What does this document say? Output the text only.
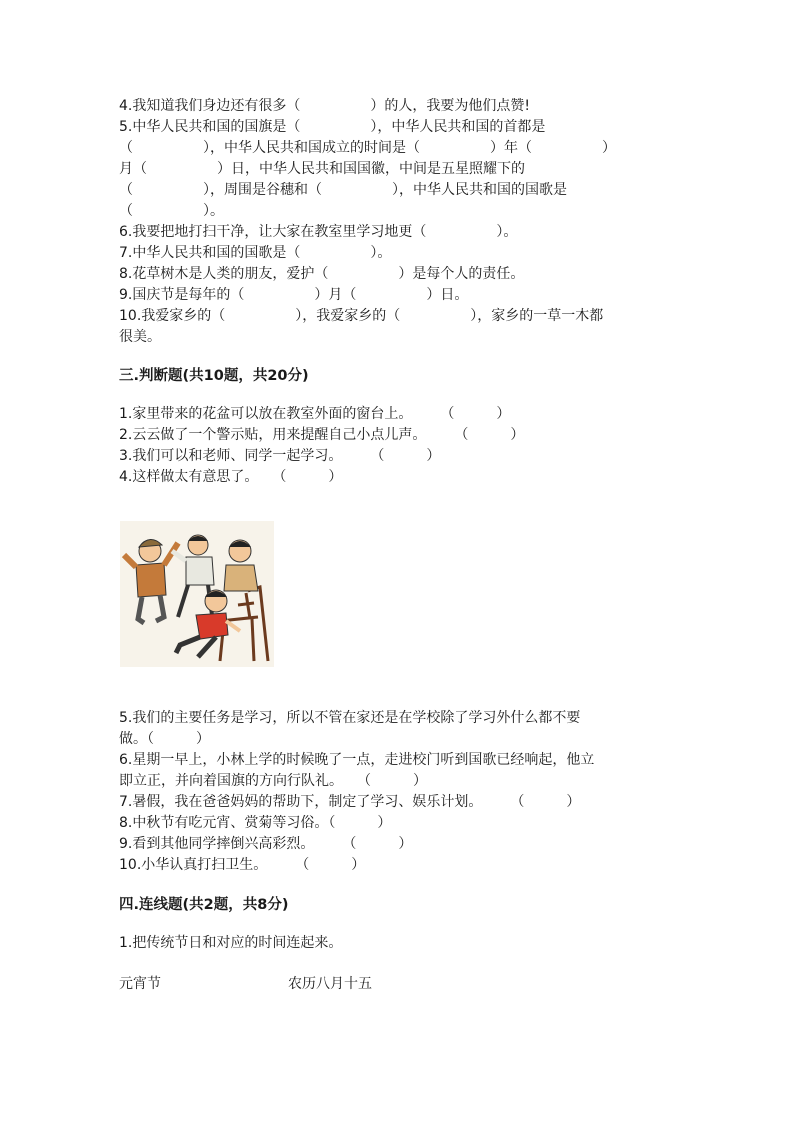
4.我知道我们身边还有很多（　　　　　）的人，我要为他们点赞!
5.中华人民共和国的国旗是（　　　　　），中华人民共和国的首都是
（　　　　　），中华人民共和国成立的时间是（　　　　　）年（　　　　　）
月（　　　　　）日，中华人民共和国国徽，中间是五星照耀下的
（　　　　　），周围是谷穗和（　　　　　），中华人民共和国的国歌是
（　　　　　）。
6.我要把地打扫干净，让大家在教室里学习地更（　　　　　）。
7.中华人民共和国的国歌是（　　　　　）。
8.花草树木是人类的朋友，爱护（　　　　　）是每个人的责任。
9.国庆节是每年的（　　　　　）月（　　　　　）日。
10.我爱家乡的（　　　　　），我爱家乡的（　　　　　），家乡的一草一木都
很美。
三.判断题(共10题，共20分)
1.家里带来的花盆可以放在教室外面的窗台上。　　　（　　　）
2.云云做了一个警示贴，用来提醒自己小点儿声。　　　（　　　）
3.我们可以和老师、同学一起学习。　　　（　　　）
4.这样做太有意思了。　　（　　　）
5.我们的主要任务是学习，所以不管在家还是在学校除了学习外什么都不要
做。（　　　）
6.星期一早上，小林上学的时候晚了一点，走进校门听到国歌已经响起，他立
即立正，并向着国旗的方向行队礼。　　（　　　）
7.暑假，我在爸爸妈妈的帮助下，制定了学习、娱乐计划。　　　（　　　）
8.中秋节有吃元宵、赏菊等习俗。（　　　）
9.看到其他同学摔倒兴高彩烈。　　　（　　　）
10.小华认真打扫卫生。　　　（　　　）
四.连线题(共2题，共8分)
1.把传统节日和对应的时间连起来。
元宵节	农历八月十五
